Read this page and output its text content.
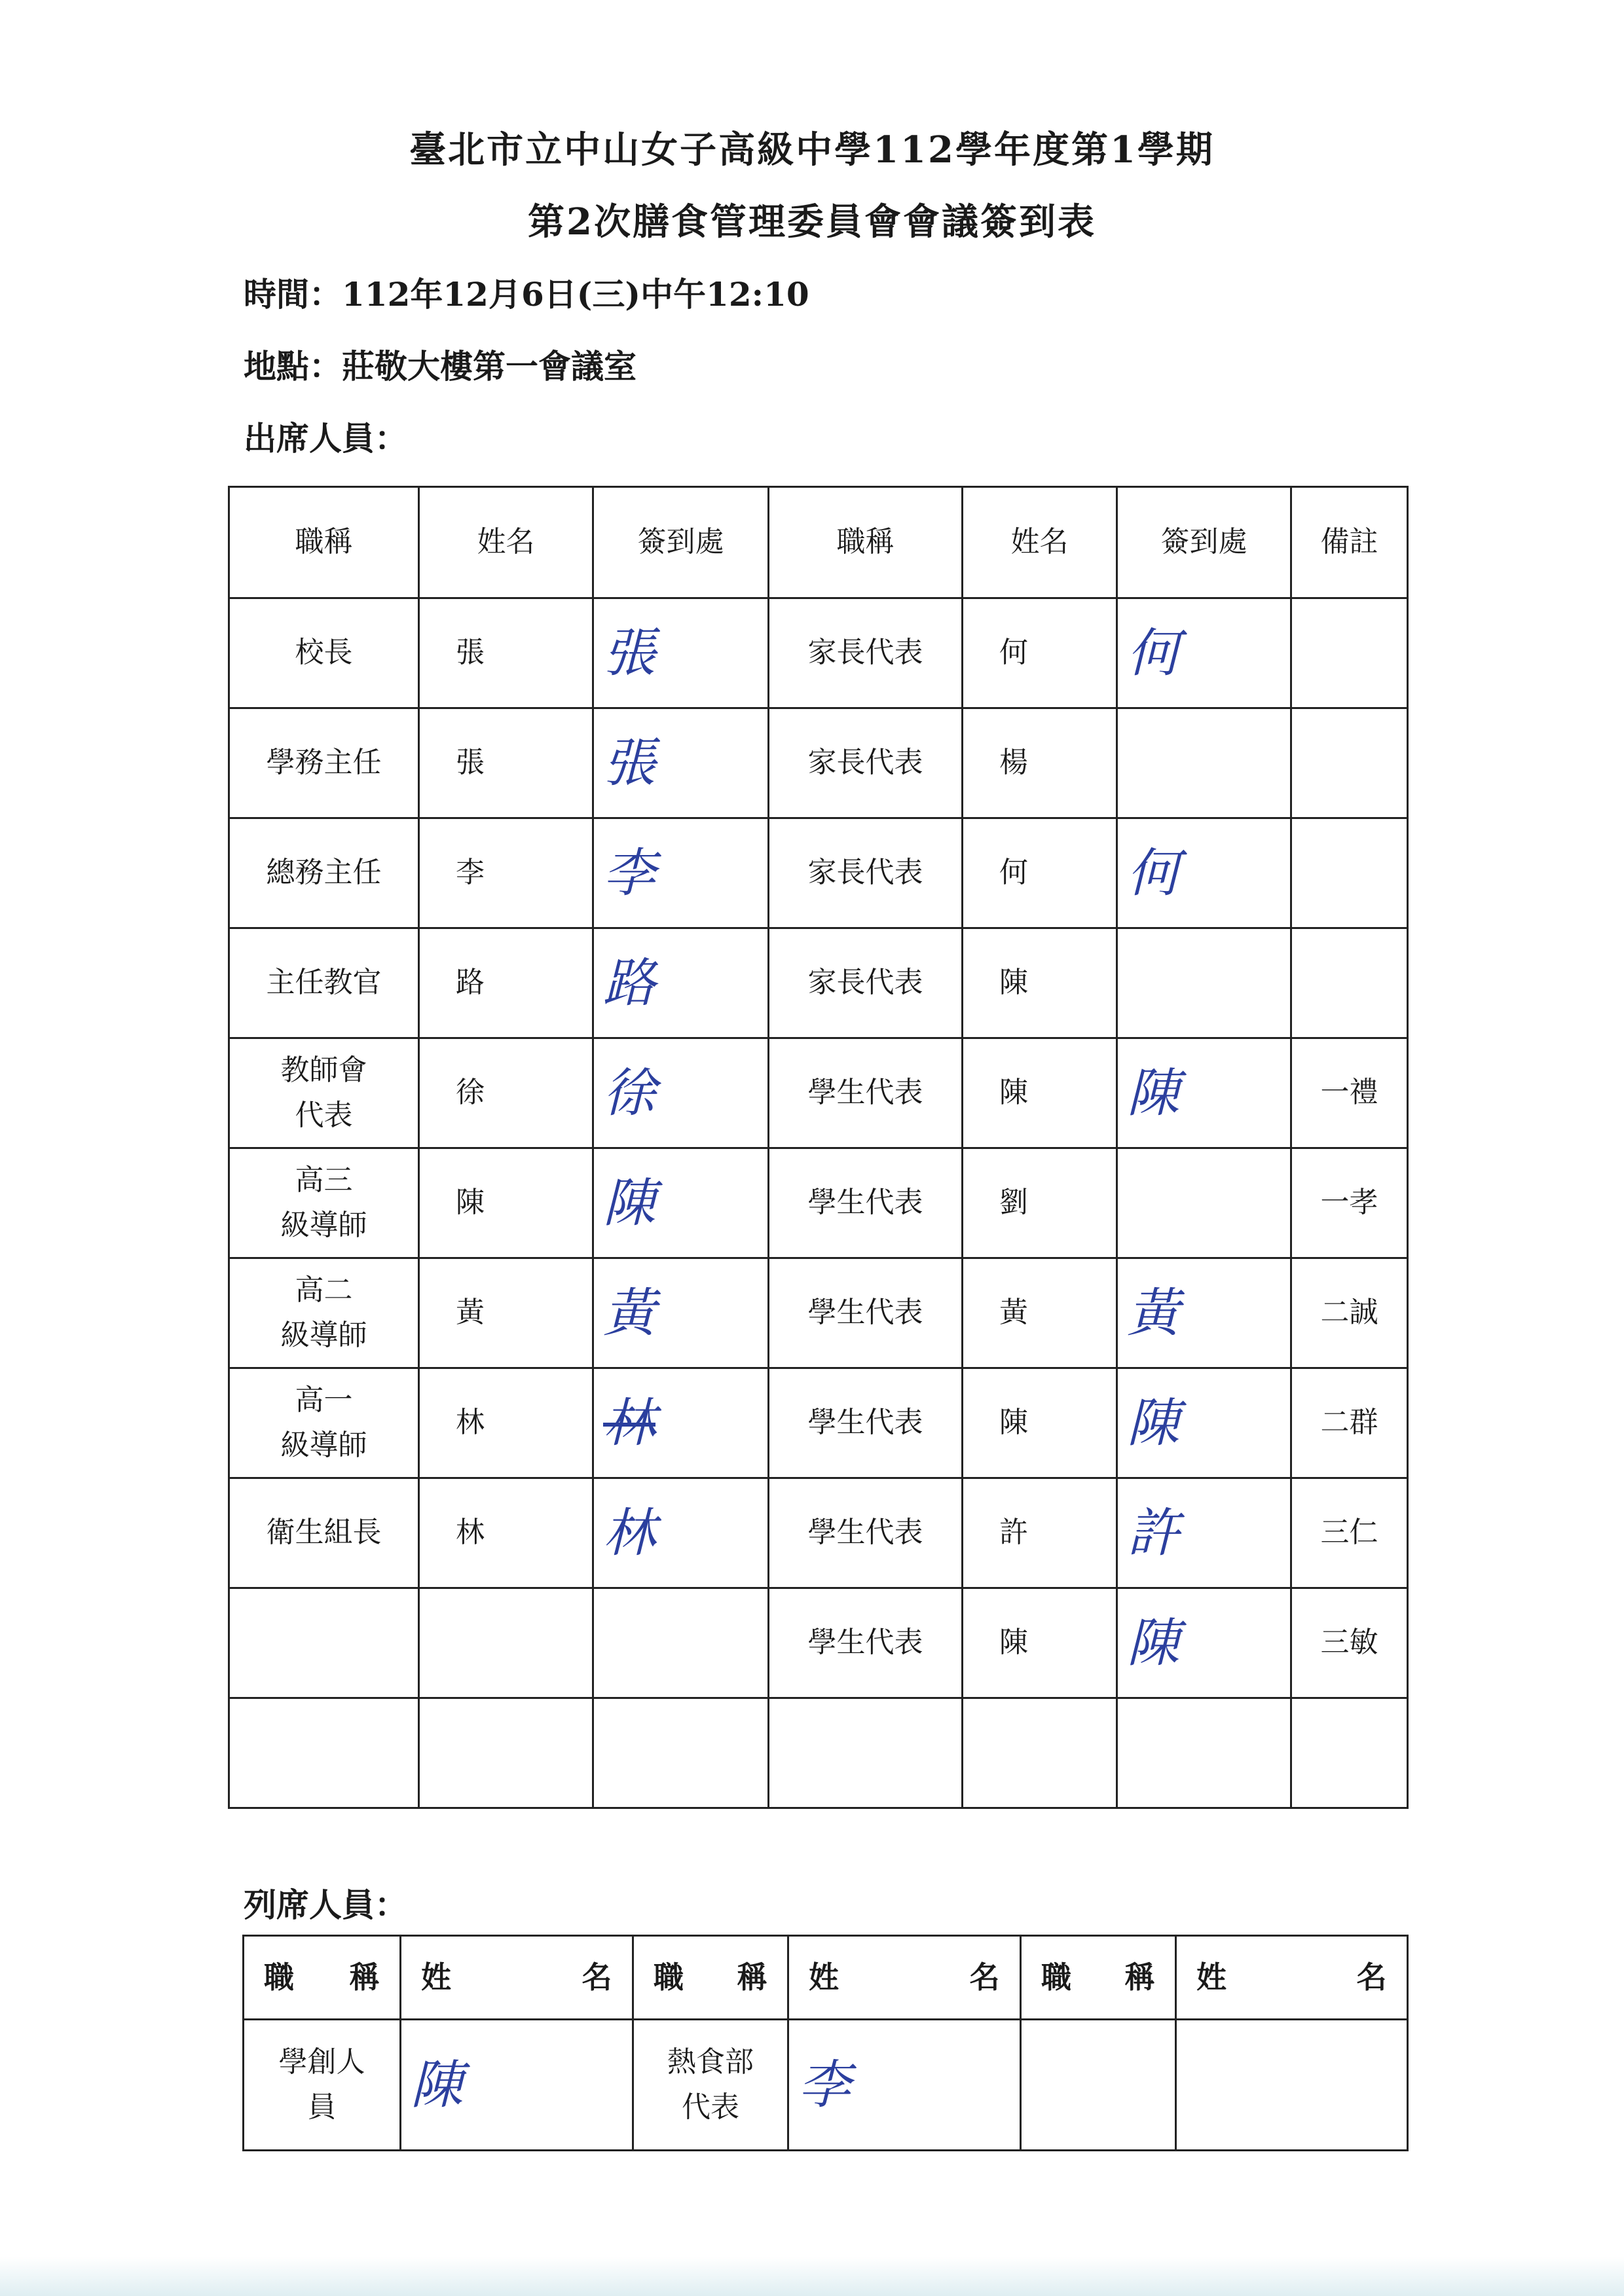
臺北市立中山女子高級中學112學年度第1學期
第2次膳食管理委員會會議簽到表

時間：112年12月6日(三)中午12:10

地點：莊敬大樓第一會議室

出席人員：

職稱	姓名	簽到處	職稱	姓名	簽到處	備註
校長	張	張	家長代表	何	何	
學務主任	張	張	家長代表	楊		
總務主任	李	李	家長代表	何	何	
主任教官	路	路	家長代表	陳		
教師會
代表	徐	徐	學生代表	陳	陳	一禮
高三
級導師	陳	陳	學生代表	劉		一孝
高二
級導師	黃	黃	學生代表	黃	黃	二誠
高一
級導師	林	林	學生代表	陳	陳	二群
衛生組長	林	林	學生代表	許	許	三仁
			學生代表	陳	陳	三敏

列席人員：

職 稱	姓 名	職 稱	姓 名	職 稱	姓 名

學創人
員	陳	熱食部
代表	李		
